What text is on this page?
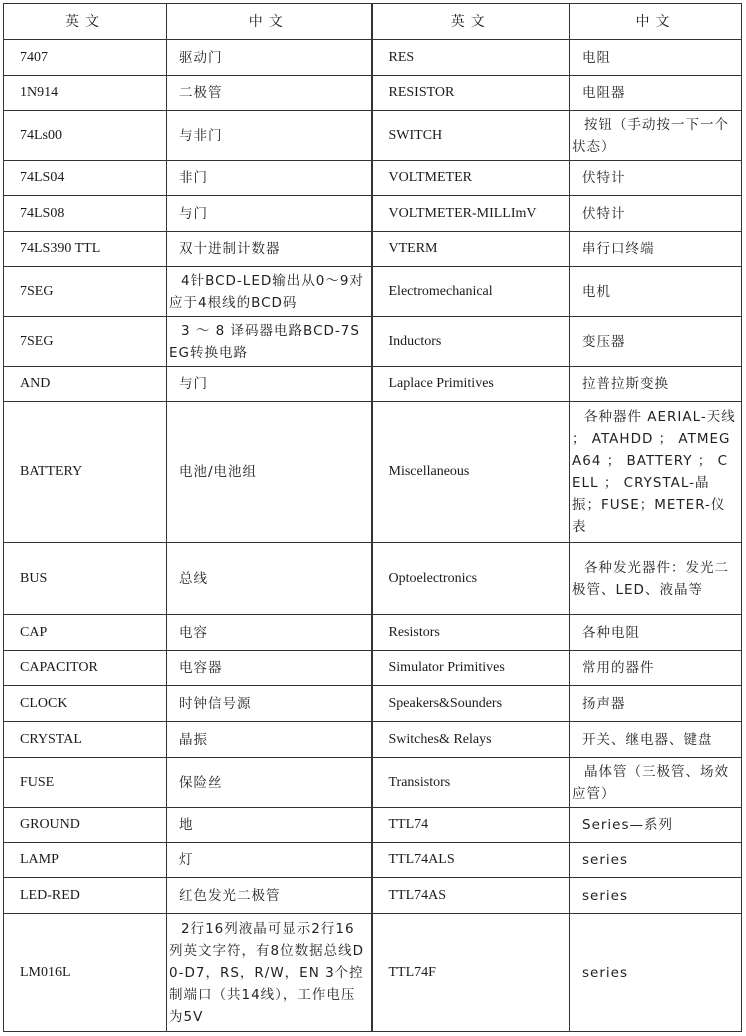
英文	中文	英文	中文
7407	驱动门	RES	电阻
1N914	二极管	RESISTOR	电阻器
74Ls00	与非门	SWITCH	按钮（手动按一下一个状态）
74LS04	非门	VOLTMETER	伏特计
74LS08	与门	VOLTMETER-MILLImV	伏特计
74LS390 TTL	双十进制计数器	VTERM	串行口终端
7SEG	4针BCD-LED输出从0～9对应于4根线的BCD码	Electromechanical	电机
7SEG	3 ～ 8 译码器电路BCD-7SEG转换电路	Inductors	变压器
AND	与门	Laplace Primitives	拉普拉斯变换
BATTERY	电池/电池组	Miscellaneous	各种器件 AERIAL-天线 ； ATAHDD ； ATMEGA64 ； BATTERY ； CELL ； CRYSTAL-晶振；FUSE；METER-仪表
BUS	总线	Optoelectronics	各种发光器件：发光二极管、LED、液晶等
CAP	电容	Resistors	各种电阻
CAPACITOR	电容器	Simulator Primitives	常用的器件
CLOCK	时钟信号源	Speakers&Sounders	扬声器
CRYSTAL	晶振	Switches& Relays	开关、继电器、键盘
FUSE	保险丝	Transistors	晶体管（三极管、场效应管）
GROUND	地	TTL74	Series—系列
LAMP	灯	TTL74ALS	series
LED-RED	红色发光二极管	TTL74AS	series
LM016L	2行16列液晶可显示2行16列英文字符，有8位数据总线D0-D7，RS，R/W，EN 3个控制端口（共14线），工作电压为5V	TTL74F	series
